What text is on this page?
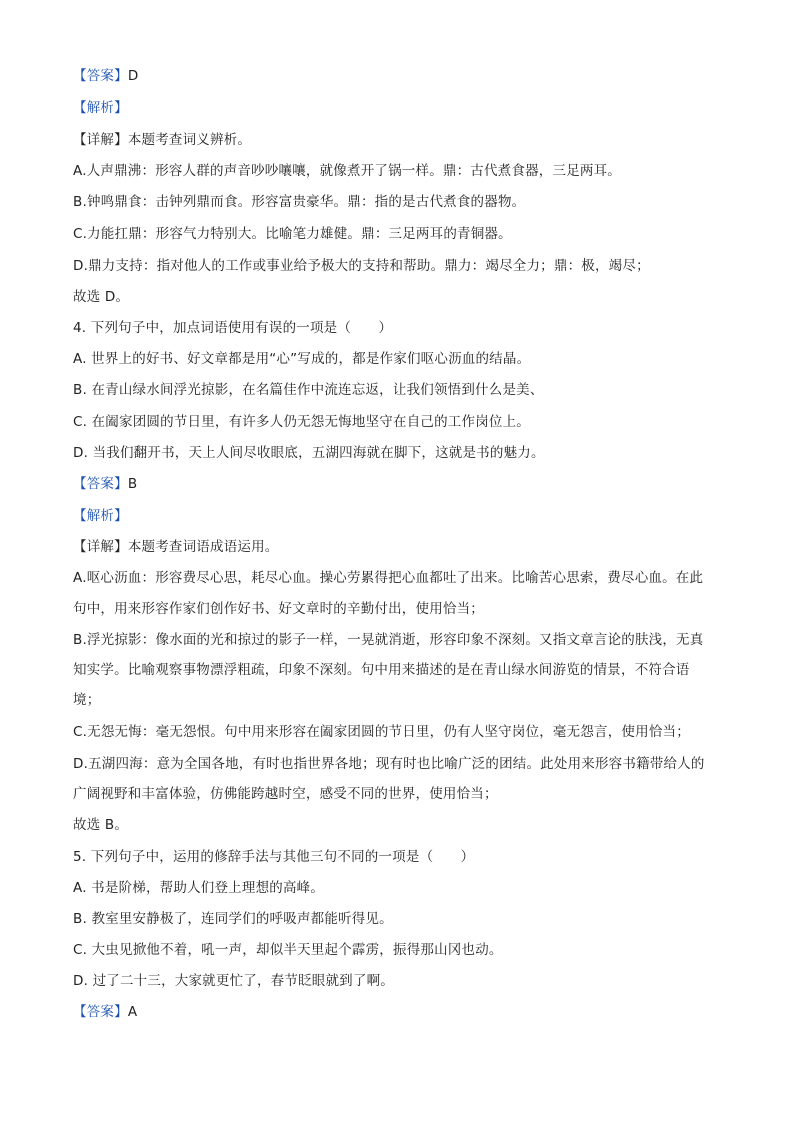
【答案】D
【解析】
【详解】本题考查词义辨析。
A.人声鼎沸：形容人群的声音吵吵嚷嚷，就像煮开了锅一样。鼎：古代煮食器，三足两耳。
B.钟鸣鼎食：击钟列鼎而食。形容富贵豪华。鼎：指的是古代煮食的器物。
C.力能扛鼎：形容气力特别大。比喻笔力雄健。鼎：三足两耳的青铜器。
D.鼎力支持：指对他人的工作或事业给予极大的支持和帮助。鼎力：竭尽全力；鼎：极，竭尽；
故选 D。
4. 下列句子中，加点词语使用有误的一项是（　　）
A. 世界上的好书、好文章都是用“心”写成的，都是作家们呕心沥血的结晶。
B. 在青山绿水间浮光掠影，在名篇佳作中流连忘返，让我们领悟到什么是美、
C. 在阖家团圆的节日里，有许多人仍无怨无悔地坚守在自己的工作岗位上。
D. 当我们翻开书，天上人间尽收眼底，五湖四海就在脚下，这就是书的魅力。
【答案】B
【解析】
【详解】本题考查词语成语运用。
A.呕心沥血：形容费尽心思，耗尽心血。操心劳累得把心血都吐了出来。比喻苦心思索，费尽心血。在此
句中，用来形容作家们创作好书、好文章时的辛勤付出，使用恰当；
B.浮光掠影：像水面的光和掠过的影子一样，一晃就消逝，形容印象不深刻。又指文章言论的肤浅，无真
知实学。比喻观察事物漂浮粗疏，印象不深刻。句中用来描述的是在青山绿水间游览的情景，不符合语
境；
C.无怨无悔：毫无怨恨。句中用来形容在阖家团圆的节日里，仍有人坚守岗位，毫无怨言，使用恰当；
D.五湖四海：意为全国各地，有时也指世界各地；现有时也比喻广泛的团结。此处用来形容书籍带给人的
广阔视野和丰富体验，仿佛能跨越时空，感受不同的世界，使用恰当；
故选 B。
5. 下列句子中，运用的修辞手法与其他三句不同的一项是（　　）
A. 书是阶梯，帮助人们登上理想的高峰。
B. 教室里安静极了，连同学们的呼吸声都能听得见。
C. 大虫见掀他不着，吼一声，却似半天里起个霹雳，振得那山冈也动。
D. 过了二十三，大家就更忙了，春节眨眼就到了啊。
【答案】A
